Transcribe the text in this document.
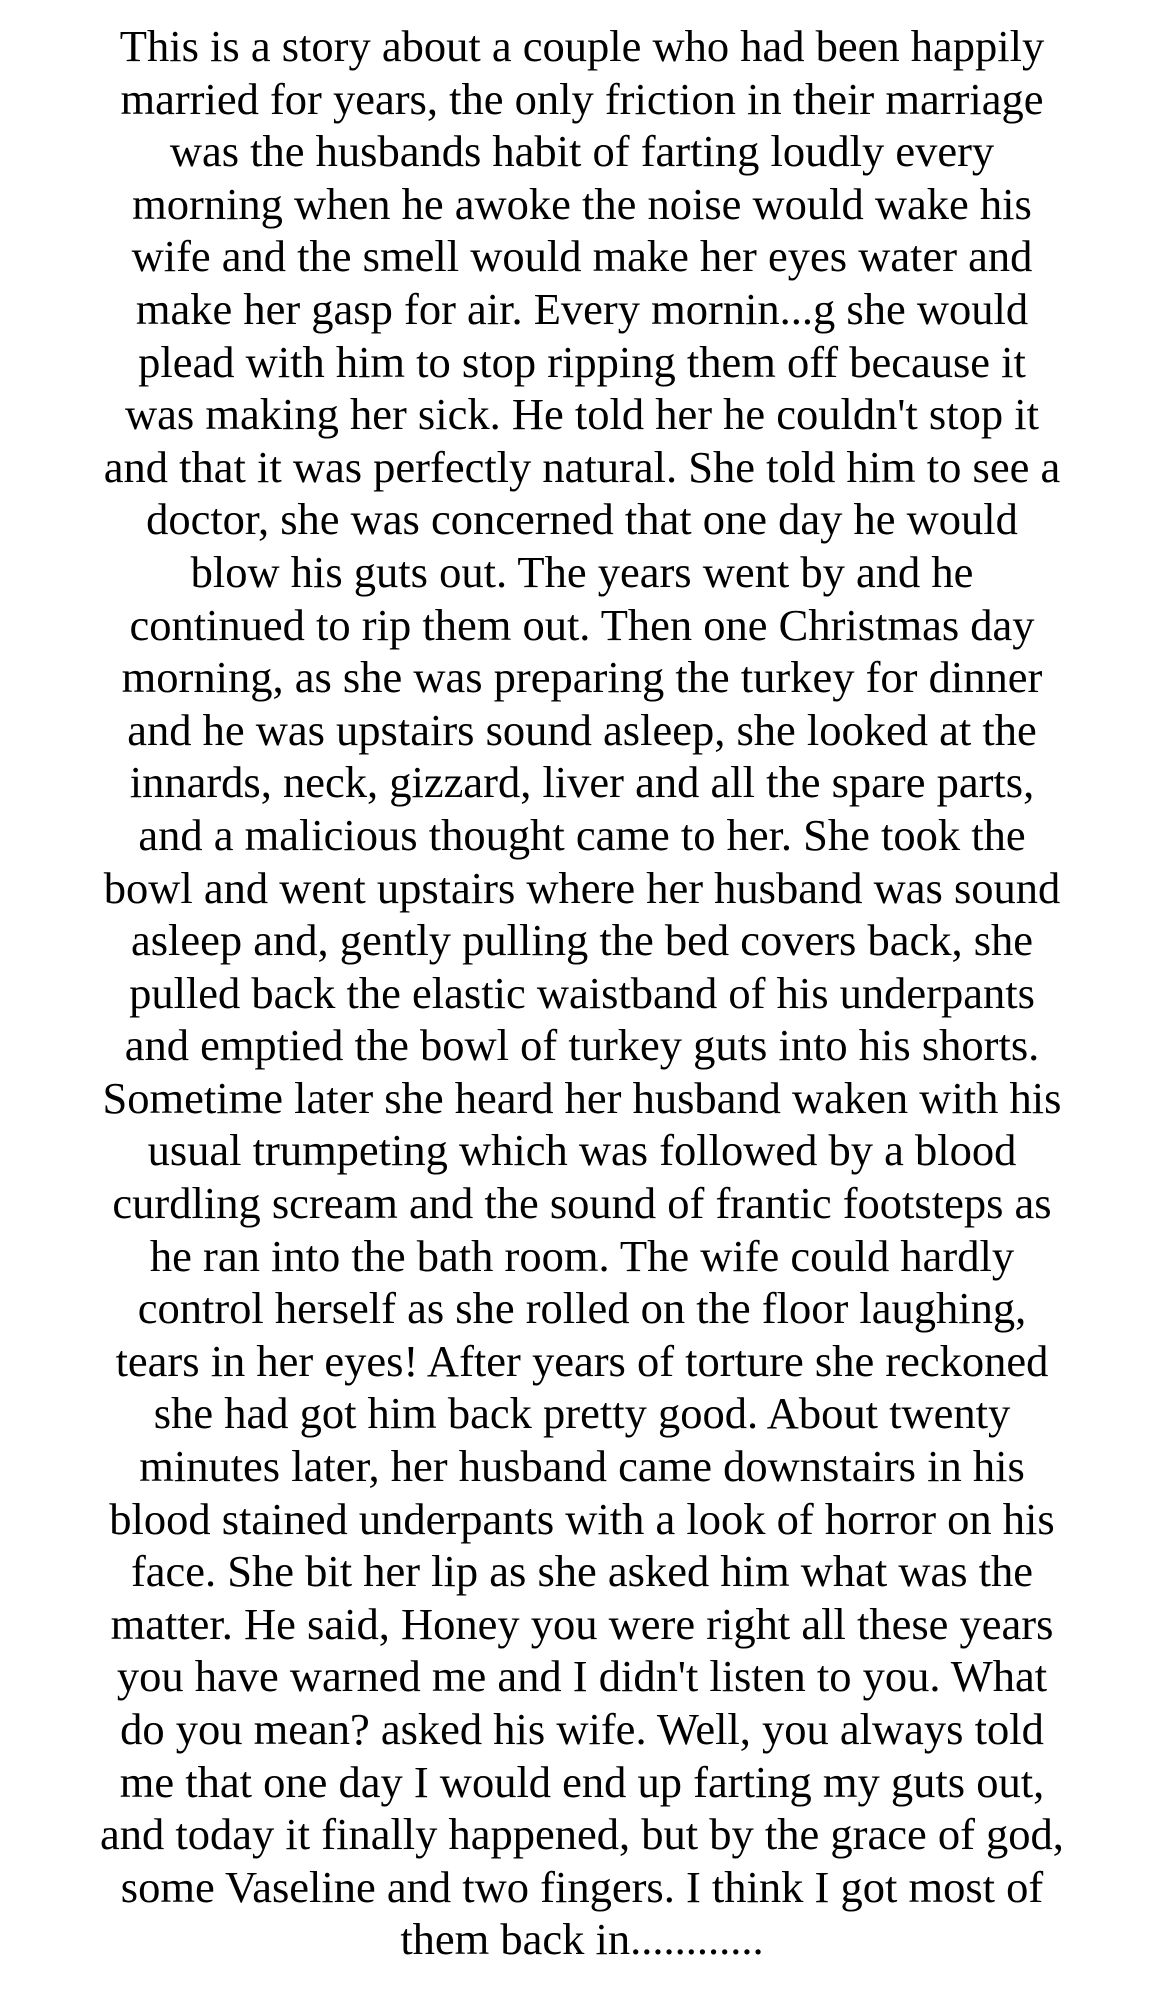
This is a story about a couple who had been happily
married for years, the only friction in their marriage
was the husbands habit of farting loudly every
morning when he awoke the noise would wake his
wife and the smell would make her eyes water and
make her gasp for air. Every mornin...g she would
plead with him to stop ripping them off because it
was making her sick. He told her he couldn't stop it
and that it was perfectly natural. She told him to see a
doctor, she was concerned that one day he would
blow his guts out. The years went by and he
continued to rip them out. Then one Christmas day
morning, as she was preparing the turkey for dinner
and he was upstairs sound asleep, she looked at the
innards, neck, gizzard, liver and all the spare parts,
and a malicious thought came to her. She took the
bowl and went upstairs where her husband was sound
asleep and, gently pulling the bed covers back, she
pulled back the elastic waistband of his underpants
and emptied the bowl of turkey guts into his shorts.
Sometime later she heard her husband waken with his
usual trumpeting which was followed by a blood
curdling scream and the sound of frantic footsteps as
he ran into the bath room. The wife could hardly
control herself as she rolled on the floor laughing,
tears in her eyes! After years of torture she reckoned
she had got him back pretty good. About twenty
minutes later, her husband came downstairs in his
blood stained underpants with a look of horror on his
face. She bit her lip as she asked him what was the
matter. He said, Honey you were right all these years
you have warned me and I didn't listen to you. What
do you mean? asked his wife. Well, you always told
me that one day I would end up farting my guts out,
and today it finally happened, but by the grace of god,
some Vaseline and two fingers. I think I got most of
them back in............
